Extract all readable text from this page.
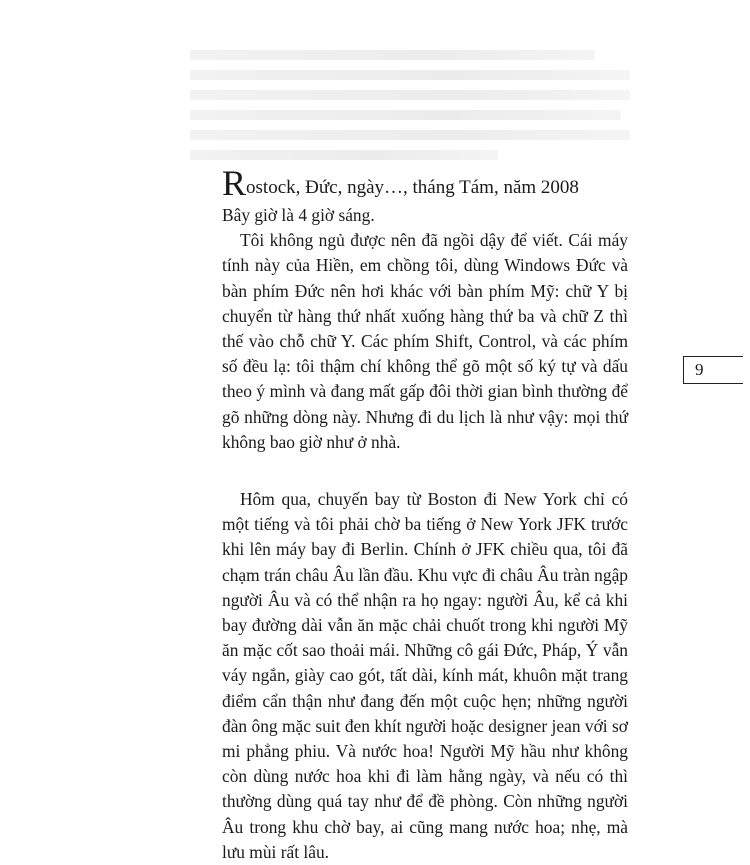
Rostock, Đức, ngày…, tháng Tám, năm 2008

Bây giờ là 4 giờ sáng.

Tôi không ngủ được nên đã ngồi dậy để viết. Cái máy tính này của Hiền, em chồng tôi, dùng Windows Đức và bàn phím Đức nên hơi khác với bàn phím Mỹ: chữ Y bị chuyển từ hàng thứ nhất xuống hàng thứ ba và chữ Z thì thế vào chỗ chữ Y. Các phím Shift, Control, và các phím số đều lạ: tôi thậm chí không thể gõ một số ký tự và dấu theo ý mình và đang mất gấp đôi thời gian bình thường để gõ những dòng này. Nhưng đi du lịch là như vậy: mọi thứ không bao giờ như ở nhà.

Hôm qua, chuyến bay từ Boston đi New York chỉ có một tiếng và tôi phải chờ ba tiếng ở New York JFK trước khi lên máy bay đi Berlin. Chính ở JFK chiều qua, tôi đã chạm trán châu Âu lần đầu. Khu vực đi châu Âu tràn ngập người Âu và có thể nhận ra họ ngay: người Âu, kể cả khi bay đường dài vẫn ăn mặc chải chuốt trong khi người Mỹ ăn mặc cốt sao thoải mái. Những cô gái Đức, Pháp, Ý vẫn váy ngắn, giày cao gót, tất dài, kính mát, khuôn mặt trang điểm cẩn thận như đang đến một cuộc hẹn; những người đàn ông mặc suit đen khít người hoặc designer jean với sơ mi phẳng phiu. Và nước hoa! Người Mỹ hầu như không còn dùng nước hoa khi đi làm hằng ngày, và nếu có thì thường dùng quá tay như để đề phòng. Còn những người Âu trong khu chờ bay, ai cũng mang nước hoa; nhẹ, mà lưu mùi rất lâu.

9
